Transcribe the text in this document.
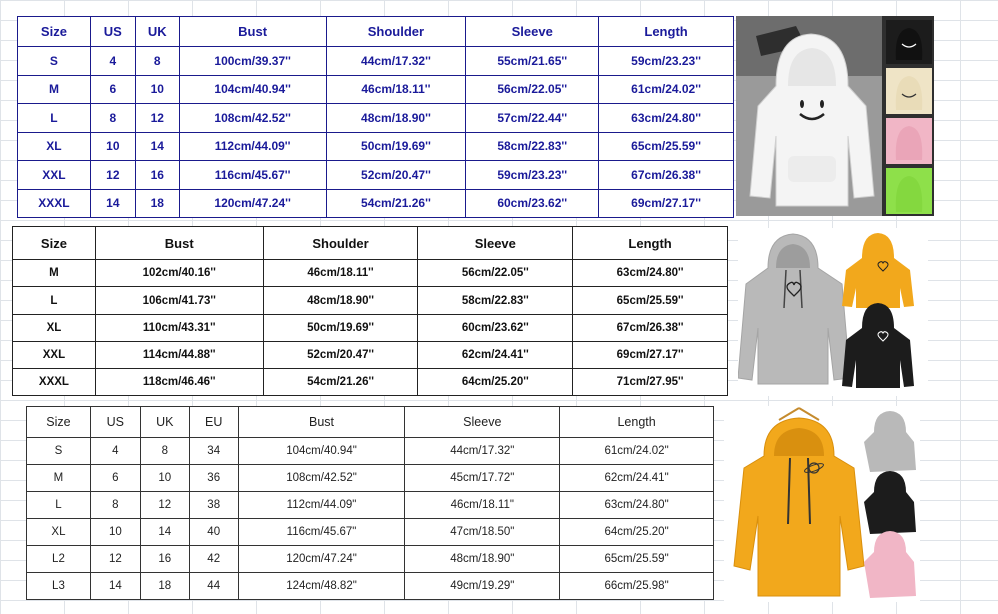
Size	US	UK	Bust	Shoulder	Sleeve	Length
S	4	8	100cm/39.37''	44cm/17.32''	55cm/21.65''	59cm/23.23''
M	6	10	104cm/40.94''	46cm/18.11''	56cm/22.05''	61cm/24.02''
L	8	12	108cm/42.52''	48cm/18.90''	57cm/22.44''	63cm/24.80''
XL	10	14	112cm/44.09''	50cm/19.69''	58cm/22.83''	65cm/25.59''
XXL	12	16	116cm/45.67''	52cm/20.47''	59cm/23.23''	67cm/26.38''
XXXL	14	18	120cm/47.24''	54cm/21.26''	60cm/23.62''	69cm/27.17''
Size	Bust	Shoulder	Sleeve	Length
M	102cm/40.16''	46cm/18.11''	56cm/22.05''	63cm/24.80''
L	106cm/41.73''	48cm/18.90''	58cm/22.83''	65cm/25.59''
XL	110cm/43.31''	50cm/19.69''	60cm/23.62''	67cm/26.38''
XXL	114cm/44.88''	52cm/20.47''	62cm/24.41''	69cm/27.17''
XXXL	118cm/46.46''	54cm/21.26''	64cm/25.20''	71cm/27.95''
Size	US	UK	EU	Bust	Sleeve	Length
S	4	8	34	104cm/40.94"	44cm/17.32"	61cm/24.02"
M	6	10	36	108cm/42.52"	45cm/17.72"	62cm/24.41"
L	8	12	38	112cm/44.09"	46cm/18.11"	63cm/24.80"
XL	10	14	40	116cm/45.67"	47cm/18.50"	64cm/25.20"
L2	12	16	42	120cm/47.24"	48cm/18.90"	65cm/25.59"
L3	14	18	44	124cm/48.82"	49cm/19.29"	66cm/25.98"
